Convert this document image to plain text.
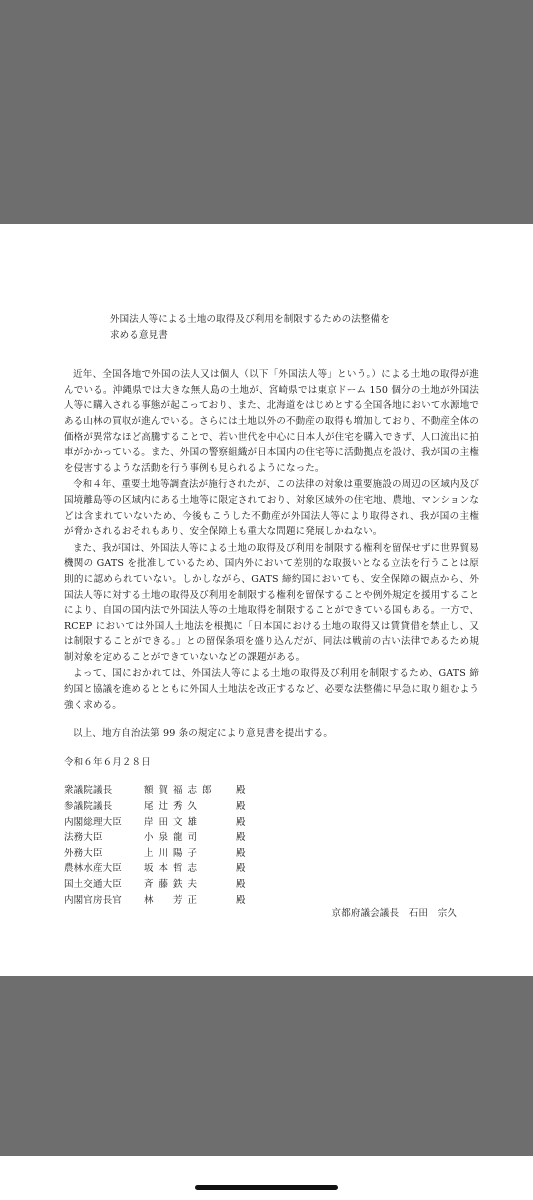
外国法人等による土地の取得及び利用を制限するための法整備を
求める意見書

近年、全国各地で外国の法人又は個人（以下「外国法人等」という。）による土地の取得が進んでいる。沖縄県では大きな無人島の土地が、宮崎県では東京ドーム 150 個分の土地が外国法人等に購入される事態が起こっており、また、北海道をはじめとする全国各地において水源地である山林の買収が進んでいる。さらには土地以外の不動産の取得も増加しており、不動産全体の価格が異常なほど高騰することで、若い世代を中心に日本人が住宅を購入できず、人口流出に拍車がかかっている。また、外国の警察組織が日本国内の住宅等に活動拠点を設け、我が国の主権を侵害するような活動を行う事例も見られるようになった。

令和４年、重要土地等調査法が施行されたが、この法律の対象は重要施設の周辺の区域内及び国境離島等の区域内にある土地等に限定されており、対象区域外の住宅地、農地、マンションなどは含まれていないため、今後もこうした不動産が外国法人等により取得され、我が国の主権が脅かされるおそれもあり、安全保障上も重大な問題に発展しかねない。

また、我が国は、外国法人等による土地の取得及び利用を制限する権利を留保せずに世界貿易機関の GATS を批准しているため、国内外において差別的な取扱いとなる立法を行うことは原則的に認められていない。しかしながら、GATS 締約国においても、安全保障の観点から、外国法人等に対する土地の取得及び利用を制限する権利を留保することや例外規定を援用することにより、自国の国内法で外国法人等の土地取得を制限することができている国もある。一方で、RCEP においては外国人土地法を根拠に「日本国における土地の取得又は賃貸借を禁止し、又は制限することができる。」との留保条項を盛り込んだが、同法は戦前の古い法律であるため規制対象を定めることができていないなどの課題がある。

よって、国におかれては、外国法人等による土地の取得及び利用を制限するため、GATS 締約国と協議を進めるとともに外国人土地法を改正するなど、必要な法整備に早急に取り組むよう強く求める。

以上、地方自治法第 99 条の規定により意見書を提出する。

令和６年６月２８日

衆議院議長	額賀福志郎	殿
参議院議長	尾辻秀久	殿
内閣総理大臣	岸田文雄	殿
法務大臣	小泉龍司	殿
外務大臣	上川陽子	殿
農林水産大臣	坂本哲志	殿
国土交通大臣	斉藤鉄夫	殿
内閣官房長官	林　芳正	殿
京都府議会議長　石田　宗久
